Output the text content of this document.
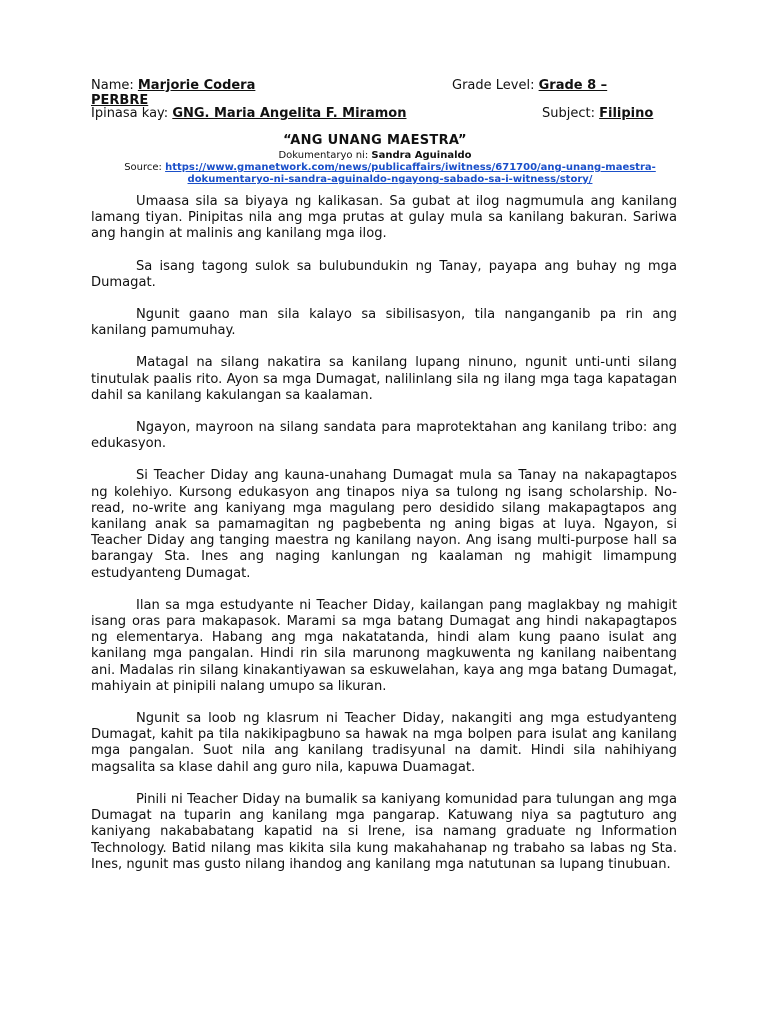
Name: Marjorie Codera	Grade Level: Grade 8 –
PERBRE
Ipinasa kay: GNG. Maria Angelita F. Miramon	Subject: Filipino
“ANG UNANG MAESTRA”
Dokumentaryo ni: Sandra Aguinaldo
Source: https://www.gmanetwork.com/news/publicaffairs/iwitness/671700/ang-unang-maestra-dokumentaryo-ni-sandra-aguinaldo-ngayong-sabado-sa-i-witness/story/

Umaasa sila sa biyaya ng kalikasan. Sa gubat at ilog nagmumula ang kanilang lamang tiyan. Pinipitas nila ang mga prutas at gulay mula sa kanilang bakuran. Sariwa ang hangin at malinis ang kanilang mga ilog.

Sa isang tagong sulok sa bulubundukin ng Tanay, payapa ang buhay ng mga Dumagat.

Ngunit gaano man sila kalayo sa sibilisasyon, tila nanganganib pa rin ang kanilang pamumuhay.

Matagal na silang nakatira sa kanilang lupang ninuno, ngunit unti-unti silang tinutulak paalis rito. Ayon sa mga Dumagat, nalilinlang sila ng ilang mga taga kapatagan dahil sa kanilang kakulangan sa kaalaman.

Ngayon, mayroon na silang sandata para maprotektahan ang kanilang tribo: ang edukasyon.

Si Teacher Diday ang kauna-unahang Dumagat mula sa Tanay na nakapagtapos ng kolehiyo. Kursong edukasyon ang tinapos niya sa tulong ng isang scholarship. No-read, no-write ang kaniyang mga magulang pero desidido silang makapagtapos ang kanilang anak sa pamamagitan ng pagbebenta ng aning bigas at luya. Ngayon, si Teacher Diday ang tanging maestra ng kanilang nayon. Ang isang multi-purpose hall sa barangay Sta. Ines ang naging kanlungan ng kaalaman ng mahigit limampung estudyanteng Dumagat.

Ilan sa mga estudyante ni Teacher Diday, kailangan pang maglakbay ng mahigit isang oras para makapasok. Marami sa mga batang Dumagat ang hindi nakapagtapos ng elementarya. Habang ang mga nakatatanda, hindi alam kung paano isulat ang kanilang mga pangalan. Hindi rin sila marunong magkuwenta ng kanilang naibentang ani. Madalas rin silang kinakantiyawan sa eskuwelahan, kaya ang mga batang Dumagat, mahiyain at pinipili nalang umupo sa likuran.

Ngunit sa loob ng klasrum ni Teacher Diday, nakangiti ang mga estudyanteng Dumagat, kahit pa tila nakikipagbuno sa hawak na mga bolpen para isulat ang kanilang mga pangalan. Suot nila ang kanilang tradisyunal na damit. Hindi sila nahihiyang magsalita sa klase dahil ang guro nila, kapuwa Duamagat.

Pinili ni Teacher Diday na bumalik sa kaniyang komunidad para tulungan ang mga Dumagat na tuparin ang kanilang mga pangarap. Katuwang niya sa pagtuturo ang kaniyang nakababatang kapatid na si Irene, isa namang graduate ng Information Technology. Batid nilang mas kikita sila kung makahahanap ng trabaho sa labas ng Sta. Ines, ngunit mas gusto nilang ihandog ang kanilang mga natutunan sa lupang tinubuan.
